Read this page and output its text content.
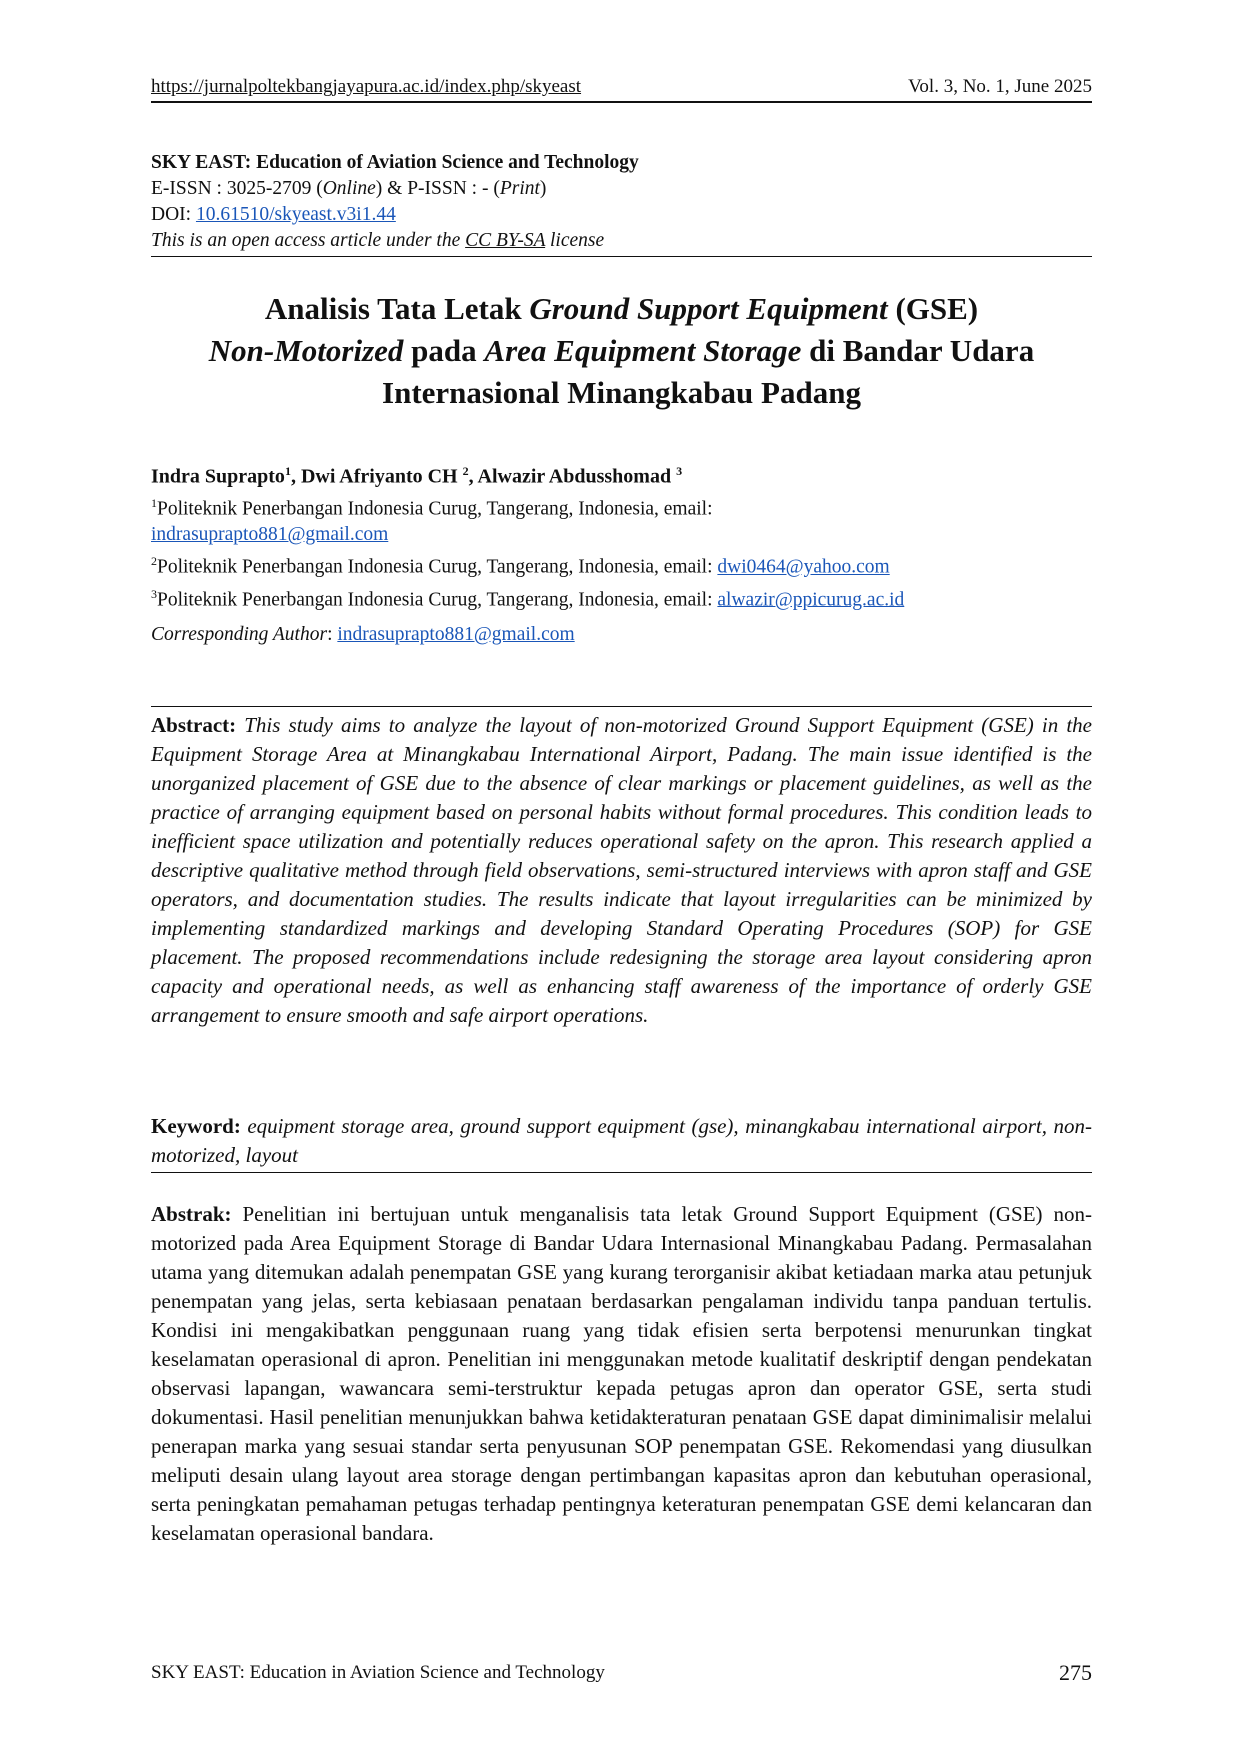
https://jurnalpoltekbangjayapura.ac.id/index.php/skyeast	Vol. 3, No. 1, June 2025
SKY EAST: Education of Aviation Science and Technology
E-ISSN : 3025-2709 (Online) & P-ISSN : - (Print)
DOI: 10.61510/skyeast.v3i1.44
This is an open access article under the CC BY-SA license
Analisis Tata Letak Ground Support Equipment (GSE)
Non-Motorized pada Area Equipment Storage di Bandar Udara
Internasional Minangkabau Padang
Indra Suprapto$^1$, Dwi Afriyanto CH $^2$, Alwazir Abdusshomad $^3$
$^1$Politeknik Penerbangan Indonesia Curug, Tangerang, Indonesia, email:
indrasuprapto881@gmail.com
$^2$Politeknik Penerbangan Indonesia Curug, Tangerang, Indonesia, email: dwi0464@yahoo.com
$^3$Politeknik Penerbangan Indonesia Curug, Tangerang, Indonesia, email: alwazir@ppicurug.ac.id
Corresponding Author: indrasuprapto881@gmail.com
Abstract: This study aims to analyze the layout of non-motorized Ground Support Equipment (GSE) in the Equipment Storage Area at Minangkabau International Airport, Padang. The main issue identified is the unorganized placement of GSE due to the absence of clear markings or placement guidelines, as well as the practice of arranging equipment based on personal habits without formal procedures. This condition leads to inefficient space utilization and potentially reduces operational safety on the apron. This research applied a descriptive qualitative method through field observations, semi-structured interviews with apron staff and GSE operators, and documentation studies. The results indicate that layout irregularities can be minimized by implementing standardized markings and developing Standard Operating Procedures (SOP) for GSE placement. The proposed recommendations include redesigning the storage area layout considering apron capacity and operational needs, as well as enhancing staff awareness of the importance of orderly GSE arrangement to ensure smooth and safe airport operations.
Keyword: equipment storage area, ground support equipment (gse), minangkabau international airport, non-motorized, layout
Abstrak: Penelitian ini bertujuan untuk menganalisis tata letak Ground Support Equipment (GSE) non-motorized pada Area Equipment Storage di Bandar Udara Internasional Minangkabau Padang. Permasalahan utama yang ditemukan adalah penempatan GSE yang kurang terorganisir akibat ketiadaan marka atau petunjuk penempatan yang jelas, serta kebiasaan penataan berdasarkan pengalaman individu tanpa panduan tertulis. Kondisi ini mengakibatkan penggunaan ruang yang tidak efisien serta berpotensi menurunkan tingkat keselamatan operasional di apron. Penelitian ini menggunakan metode kualitatif deskriptif dengan pendekatan observasi lapangan, wawancara semi-terstruktur kepada petugas apron dan operator GSE, serta studi dokumentasi. Hasil penelitian menunjukkan bahwa ketidakteraturan penataan GSE dapat diminimalisir melalui penerapan marka yang sesuai standar serta penyusunan SOP penempatan GSE. Rekomendasi yang diusulkan meliputi desain ulang layout area storage dengan pertimbangan kapasitas apron dan kebutuhan operasional, serta peningkatan pemahaman petugas terhadap pentingnya keteraturan penempatan GSE demi kelancaran dan keselamatan operasional bandara.
SKY EAST: Education in Aviation Science and Technology	275
